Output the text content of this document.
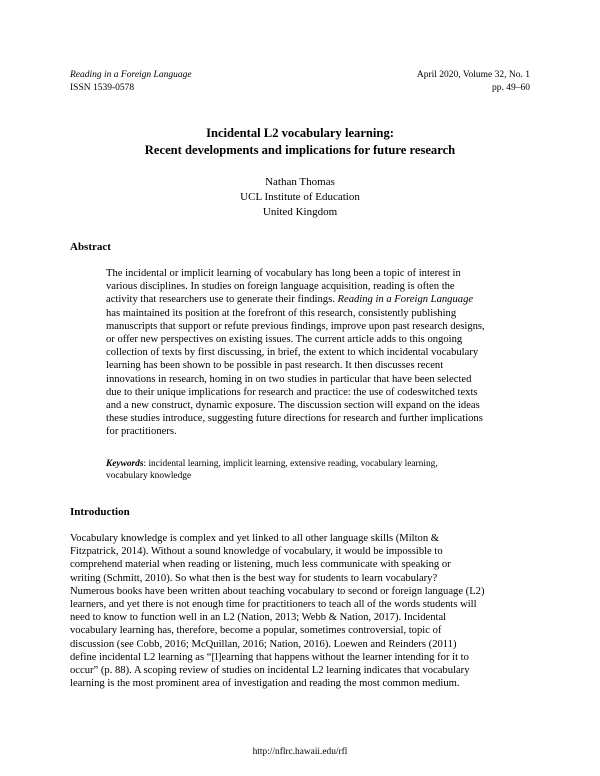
Reading in a Foreign Language
ISSN 1539-0578
April 2020, Volume 32, No. 1
pp. 49–60
Incidental L2 vocabulary learning:
Recent developments and implications for future research
Nathan Thomas
UCL Institute of Education
United Kingdom
Abstract
The incidental or implicit learning of vocabulary has long been a topic of interest in
various disciplines. In studies on foreign language acquisition, reading is often the
activity that researchers use to generate their findings. Reading in a Foreign Language
has maintained its position at the forefront of this research, consistently publishing
manuscripts that support or refute previous findings, improve upon past research designs,
or offer new perspectives on existing issues. The current article adds to this ongoing
collection of texts by first discussing, in brief, the extent to which incidental vocabulary
learning has been shown to be possible in past research. It then discusses recent
innovations in research, homing in on two studies in particular that have been selected
due to their unique implications for research and practice: the use of codeswitched texts
and a new construct, dynamic exposure. The discussion section will expand on the ideas
these studies introduce, suggesting future directions for research and further implications
for practitioners.
Keywords: incidental learning, implicit learning, extensive reading, vocabulary learning,
vocabulary knowledge
Introduction
Vocabulary knowledge is complex and yet linked to all other language skills (Milton &
Fitzpatrick, 2014). Without a sound knowledge of vocabulary, it would be impossible to
comprehend material when reading or listening, much less communicate with speaking or
writing (Schmitt, 2010). So what then is the best way for students to learn vocabulary?
Numerous books have been written about teaching vocabulary to second or foreign language (L2)
learners, and yet there is not enough time for practitioners to teach all of the words students will
need to know to function well in an L2 (Nation, 2013; Webb & Nation, 2017). Incidental
vocabulary learning has, therefore, become a popular, sometimes controversial, topic of
discussion (see Cobb, 2016; McQuillan, 2016; Nation, 2016). Loewen and Reinders (2011)
define incidental L2 learning as “[l]earning that happens without the learner intending for it to
occur” (p. 88). A scoping review of studies on incidental L2 learning indicates that vocabulary
learning is the most prominent area of investigation and reading the most common medium.
http://nflrc.hawaii.edu/rfl
